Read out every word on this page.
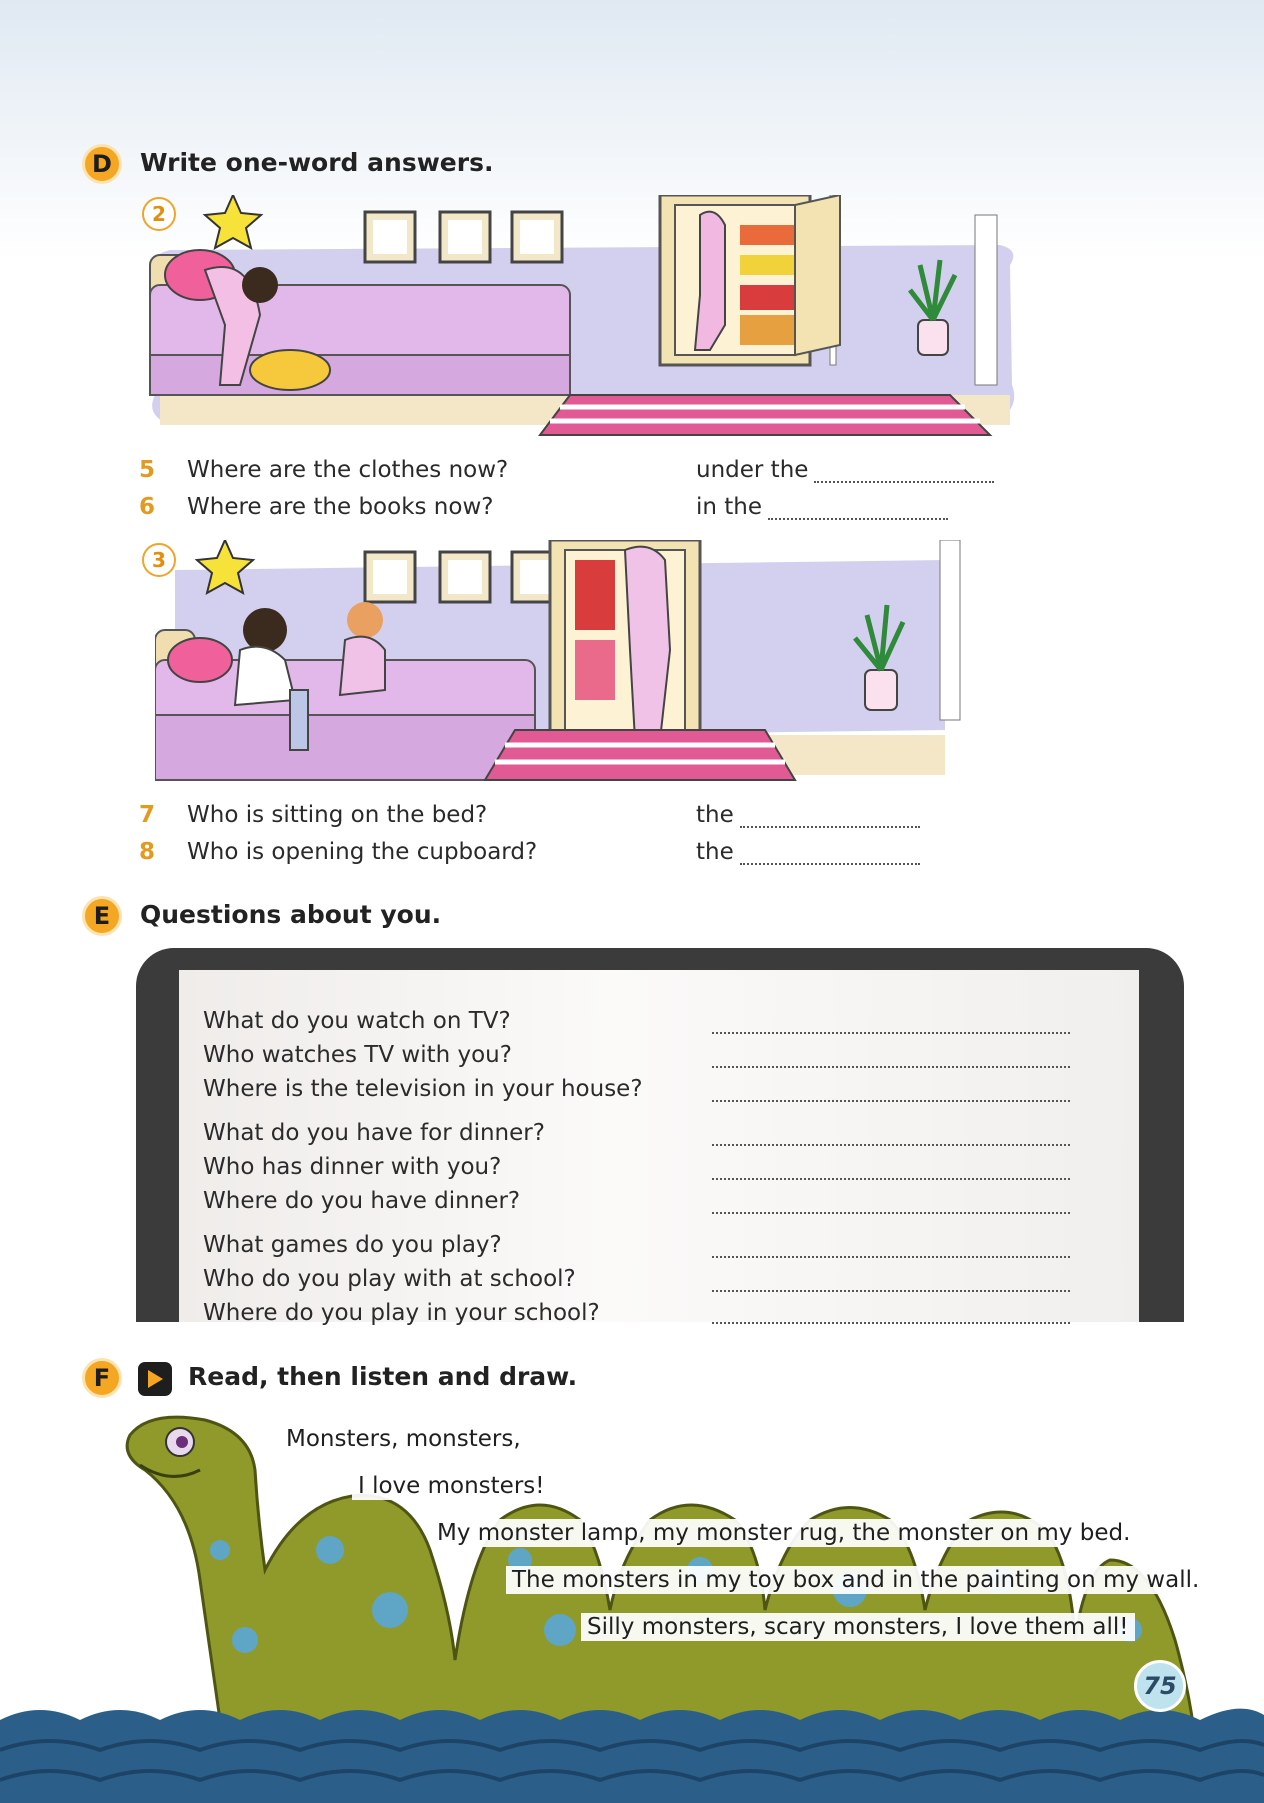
D Write one-word answers.
2
5 Where are the clothes now?	under the
6 Where are the books now?	in the
3
7 Who is sitting on the bed?	the
8 Who is opening the cupboard?	the
E Questions about you.
What do you watch on TV?
Who watches TV with you?
Where is the television in your house?
What do you have for dinner?
Who has dinner with you?
Where do you have dinner?
What games do you play?
Who do you play with at school?
Where do you play in your school?
F	Read, then listen and draw.
Monsters, monsters,
I love monsters!
My monster lamp, my monster rug, the monster on my bed.
The monsters in my toy box and in the painting on my wall.
Silly monsters, scary monsters, I love them all!
75
